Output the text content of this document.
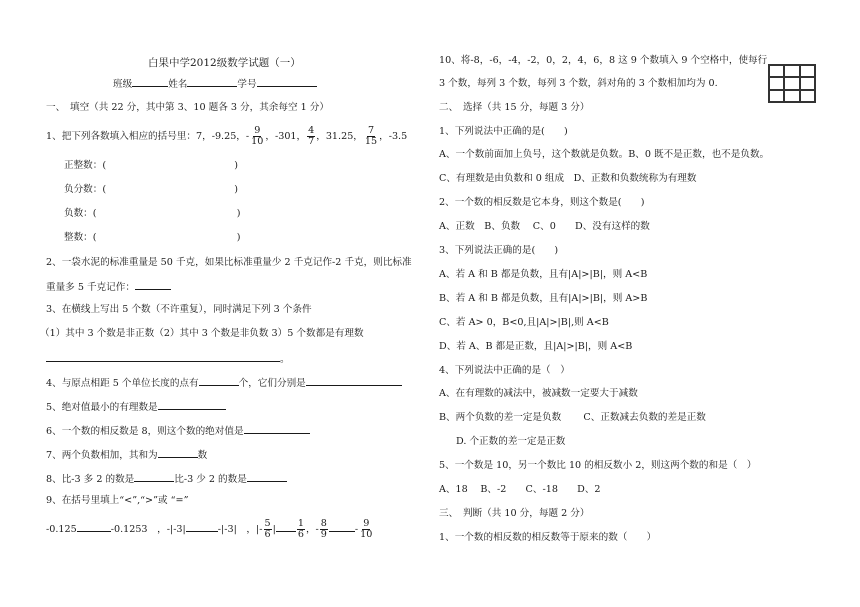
白果中学2012级数学试题（一）
班级	姓名	学号
一、　填空（共 22 分，其中第 3、10 题各 3 分，其余每空 1 分）
1、把下列各数填入相应的括号里：7，-9.25，- $\frac{9}{10}$ ，-301， $\frac{4}{7}$ ，31.25， $\frac{7}{15}$ ，-3.5
正整数：(                                          )
负分数：(                                          )
负数：(                                              )
整数：(                                              )
2、一袋水泥的标准重量是 50 千克，如果比标准重量少 2 千克记作-2 千克，则比标准
重量多 5 千克记作：
3、在横线上写出 5 个数（不许重复），同时满足下列 3 个条件
（1）其中 3 个数是非正数（2）其中 3 个数是非负数 3）5 个数都是有理数
。
4、与原点相距 5 个单位长度的点有	个，它们分别是
5、绝对值最小的有理数是
6、一个数的相反数是 8，则这个数的绝对值是
7、两个负数相加，其和为	数
8、比-3 多 2 的数是	比-3 少 2 的数是
9、在括号里填上“<”,“>”或 “=”
-0.125	-0.1253　，-|-3|	-|-3|　，|- $\frac{5}{6}$ | $\frac{1}{6}$ ，- $\frac{8}{9}$	- $\frac{9}{10}$
10、将-8，-6，-4，-2，0，2，4，6，8 这 9 个数填入 9 个空格中，使每行
3 个数，每列 3 个数，每列 3 个数，斜对角的 3 个数相加均为 0.
二、　选择（共 15 分，每题 3 分）
1、下列说法中正确的是(　　)
A、一个数前面加上负号，这个数就是负数。B、0 既不是正数，也不是负数。
C、有理数是由负数和 0 组成　D、正数和负数统称为有理数
2、一个数的相反数是它本身，则这个数是(　　)
A、正数　B、负数　 C、0　　D、没有这样的数
3、下列说法正确的是(　　)
A、若 A 和 B 都是负数，且有|A|>|B|，则 A<B
B、若 A 和 B 都是负数，且有|A|>|B|，则 A>B
C、若 A> 0，B<0,且|A|>|B|,则 A<B
D、若 A、B 都是正数，且|A|>|B|，则 A<B
4、下列说法中正确的是（　）
A、在有理数的减法中，被减数一定要大于减数
B、两个负数的差一定是负数　　 C、正数减去负数的差是正数
D. 个正数的差一定是正数
5、一个数是 10，另一个数比 10 的相反数小 2，则这两个数的和是（　）
A、18　 B、-2　　C、-18　　D、2
三、　判断（共 10 分，每题 2 分）
1、一个数的相反数的相反数等于原来的数（　　）
